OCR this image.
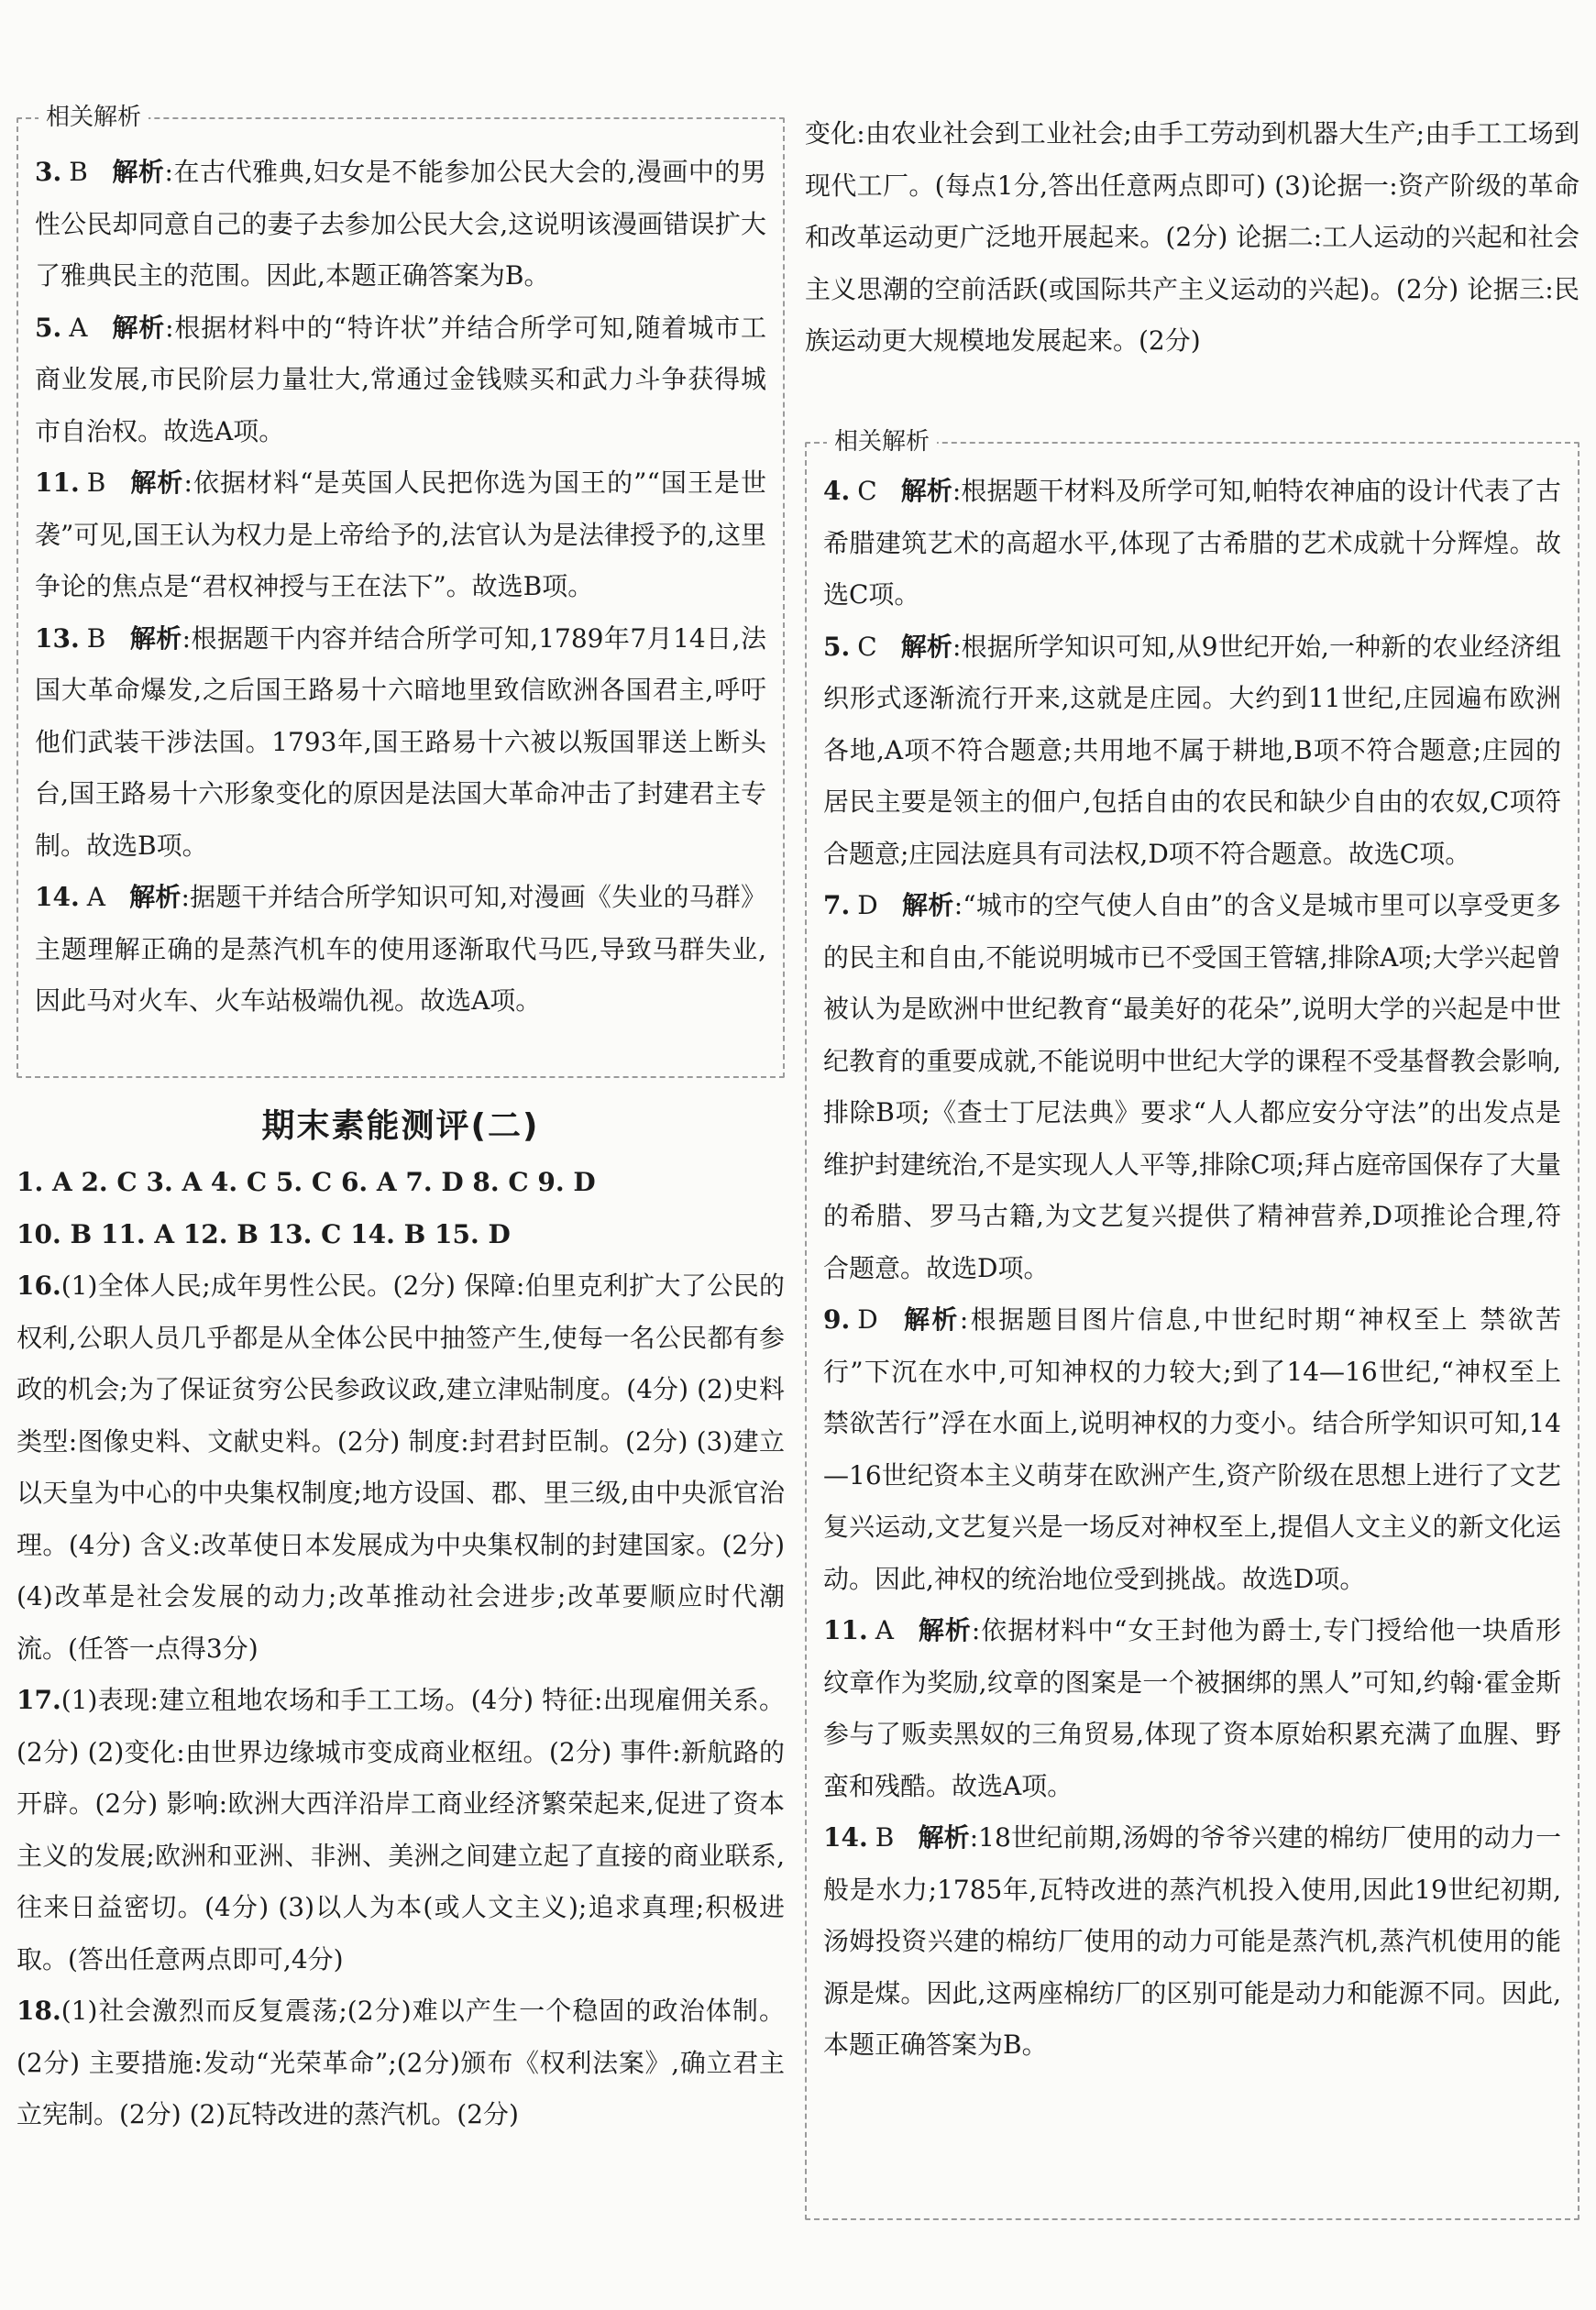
相关解析

3. B 解析:在古代雅典,妇女是不能参加公民大会的,漫画中的男性公民却同意自己的妻子去参加公民大会,这说明该漫画错误扩大了雅典民主的范围。因此,本题正确答案为B。

5. A 解析:根据材料中的“特许状”并结合所学可知,随着城市工商业发展,市民阶层力量壮大,常通过金钱赎买和武力斗争获得城市自治权。故选A项。

11. B 解析:依据材料“是英国人民把你选为国王的”“国王是世袭”可见,国王认为权力是上帝给予的,法官认为是法律授予的,这里争论的焦点是“君权神授与王在法下”。故选B项。

13. B 解析:根据题干内容并结合所学可知,1789年7月14日,法国大革命爆发,之后国王路易十六暗地里致信欧洲各国君主,呼吁他们武装干涉法国。1793年,国王路易十六被以叛国罪送上断头台,国王路易十六形象变化的原因是法国大革命冲击了封建君主专制。故选B项。

14. A 解析:据题干并结合所学知识可知,对漫画《失业的马群》主题理解正确的是蒸汽机车的使用逐渐取代马匹,导致马群失业,因此马对火车、火车站极端仇视。故选A项。

期末素能测评(二)

1. A 2. C 3. A 4. C 5. C 6. A 7. D 8. C 9. D

10. B 11. A 12. B 13. C 14. B 15. D

16.(1)全体人民;成年男性公民。(2分) 保障:伯里克利扩大了公民的权利,公职人员几乎都是从全体公民中抽签产生,使每一名公民都有参政的机会;为了保证贫穷公民参政议政,建立津贴制度。(4分) (2)史料类型:图像史料、文献史料。(2分) 制度:封君封臣制。(2分) (3)建立以天皇为中心的中央集权制度;地方设国、郡、里三级,由中央派官治理。(4分) 含义:改革使日本发展成为中央集权制的封建国家。(2分) (4)改革是社会发展的动力;改革推动社会进步;改革要顺应时代潮流。(任答一点得3分)

17.(1)表现:建立租地农场和手工工场。(4分) 特征:出现雇佣关系。(2分) (2)变化:由世界边缘城市变成商业枢纽。(2分) 事件:新航路的开辟。(2分) 影响:欧洲大西洋沿岸工商业经济繁荣起来,促进了资本主义的发展;欧洲和亚洲、非洲、美洲之间建立起了直接的商业联系,往来日益密切。(4分) (3)以人为本(或人文主义);追求真理;积极进取。(答出任意两点即可,4分)

18.(1)社会激烈而反复震荡;(2分)难以产生一个稳固的政治体制。(2分) 主要措施:发动“光荣革命”;(2分)颁布《权利法案》,确立君主立宪制。(2分) (2)瓦特改进的蒸汽机。(2分)

变化:由农业社会到工业社会;由手工劳动到机器大生产;由手工工场到现代工厂。(每点1分,答出任意两点即可) (3)论据一:资产阶级的革命和改革运动更广泛地开展起来。(2分) 论据二:工人运动的兴起和社会主义思潮的空前活跃(或国际共产主义运动的兴起)。(2分) 论据三:民族运动更大规模地发展起来。(2分)

相关解析

4. C 解析:根据题干材料及所学可知,帕特农神庙的设计代表了古希腊建筑艺术的高超水平,体现了古希腊的艺术成就十分辉煌。故选C项。

5. C 解析:根据所学知识可知,从9世纪开始,一种新的农业经济组织形式逐渐流行开来,这就是庄园。大约到11世纪,庄园遍布欧洲各地,A项不符合题意;共用地不属于耕地,B项不符合题意;庄园的居民主要是领主的佃户,包括自由的农民和缺少自由的农奴,C项符合题意;庄园法庭具有司法权,D项不符合题意。故选C项。

7. D 解析:“城市的空气使人自由”的含义是城市里可以享受更多的民主和自由,不能说明城市已不受国王管辖,排除A项;大学兴起曾被认为是欧洲中世纪教育“最美好的花朵”,说明大学的兴起是中世纪教育的重要成就,不能说明中世纪大学的课程不受基督教会影响,排除B项;《查士丁尼法典》要求“人人都应安分守法”的出发点是维护封建统治,不是实现人人平等,排除C项;拜占庭帝国保存了大量的希腊、罗马古籍,为文艺复兴提供了精神营养,D项推论合理,符合题意。故选D项。

9. D 解析:根据题目图片信息,中世纪时期“神权至上 禁欲苦行”下沉在水中,可知神权的力较大;到了14—16世纪,“神权至上 禁欲苦行”浮在水面上,说明神权的力变小。结合所学知识可知,14—16世纪资本主义萌芽在欧洲产生,资产阶级在思想上进行了文艺复兴运动,文艺复兴是一场反对神权至上,提倡人文主义的新文化运动。因此,神权的统治地位受到挑战。故选D项。

11. A 解析:依据材料中“女王封他为爵士,专门授给他一块盾形纹章作为奖励,纹章的图案是一个被捆绑的黑人”可知,约翰·霍金斯参与了贩卖黑奴的三角贸易,体现了资本原始积累充满了血腥、野蛮和残酷。故选A项。

14. B 解析:18世纪前期,汤姆的爷爷兴建的棉纺厂使用的动力一般是水力;1785年,瓦特改进的蒸汽机投入使用,因此19世纪初期,汤姆投资兴建的棉纺厂使用的动力可能是蒸汽机,蒸汽机使用的能源是煤。因此,这两座棉纺厂的区别可能是动力和能源不同。因此,本题正确答案为B。
